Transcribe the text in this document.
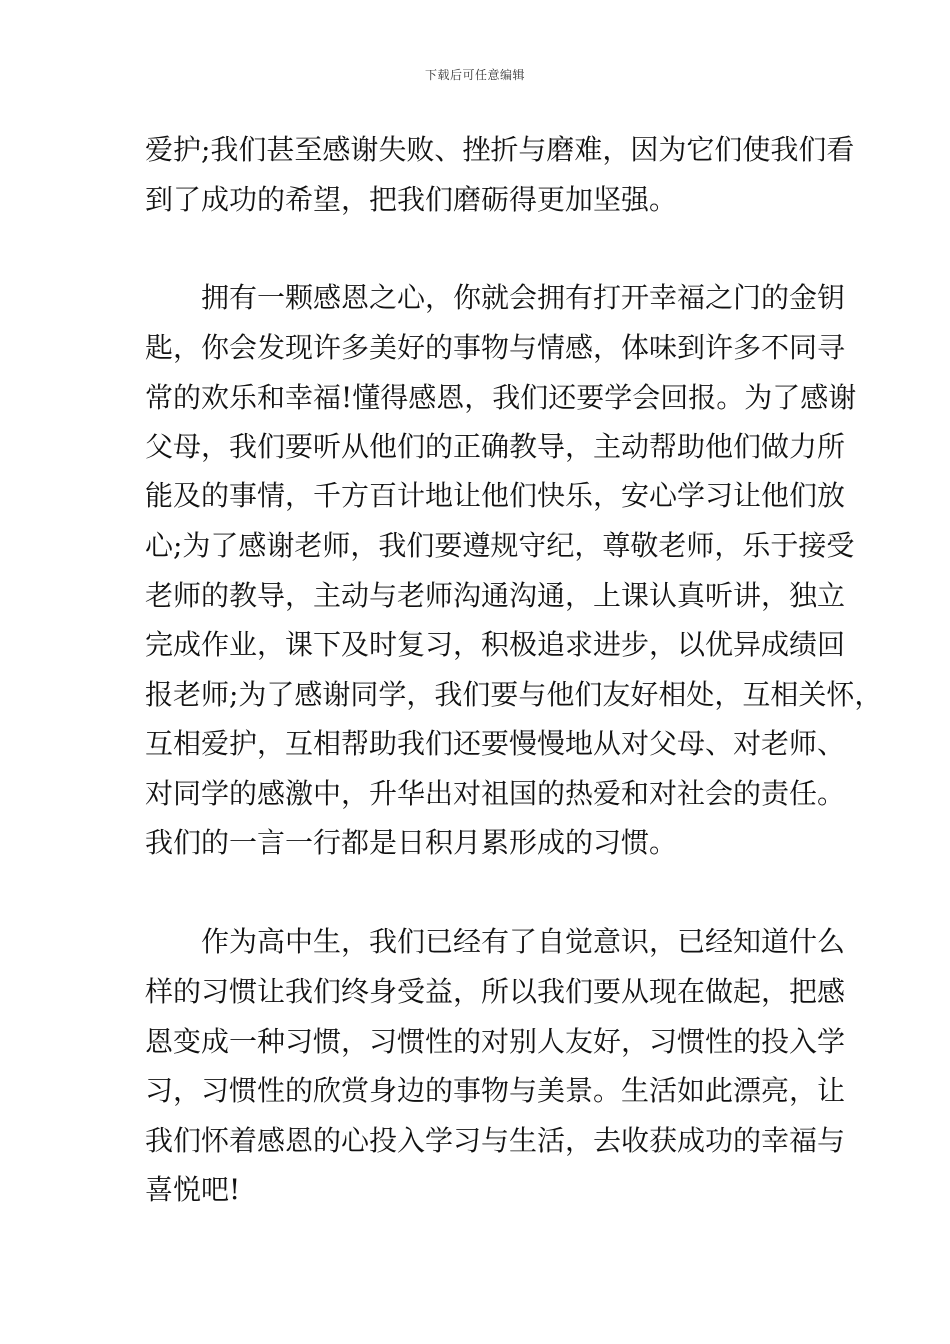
下载后可任意编辑
爱护;我们甚至感谢失败、挫折与磨难，因为它们使我们看
到了成功的希望，把我们磨砺得更加坚强。
　　拥有一颗感恩之心，你就会拥有打开幸福之门的金钥
匙，你会发现许多美好的事物与情感，体味到许多不同寻
常的欢乐和幸福!懂得感恩，我们还要学会回报。为了感谢
父母，我们要听从他们的正确教导，主动帮助他们做力所
能及的事情，千方百计地让他们快乐，安心学习让他们放
心;为了感谢老师，我们要遵规守纪，尊敬老师，乐于接受
老师的教导，主动与老师沟通沟通，上课认真听讲，独立
完成作业，课下及时复习，积极追求进步，以优异成绩回
报老师;为了感谢同学，我们要与他们友好相处，互相关怀，
互相爱护，互相帮助我们还要慢慢地从对父母、对老师、
对同学的感激中，升华出对祖国的热爱和对社会的责任。
我们的一言一行都是日积月累形成的习惯。
　　作为高中生，我们已经有了自觉意识，已经知道什么
样的习惯让我们终身受益，所以我们要从现在做起，把感
恩变成一种习惯，习惯性的对别人友好，习惯性的投入学
习，习惯性的欣赏身边的事物与美景。生活如此漂亮，让
我们怀着感恩的心投入学习与生活，去收获成功的幸福与
喜悦吧!
